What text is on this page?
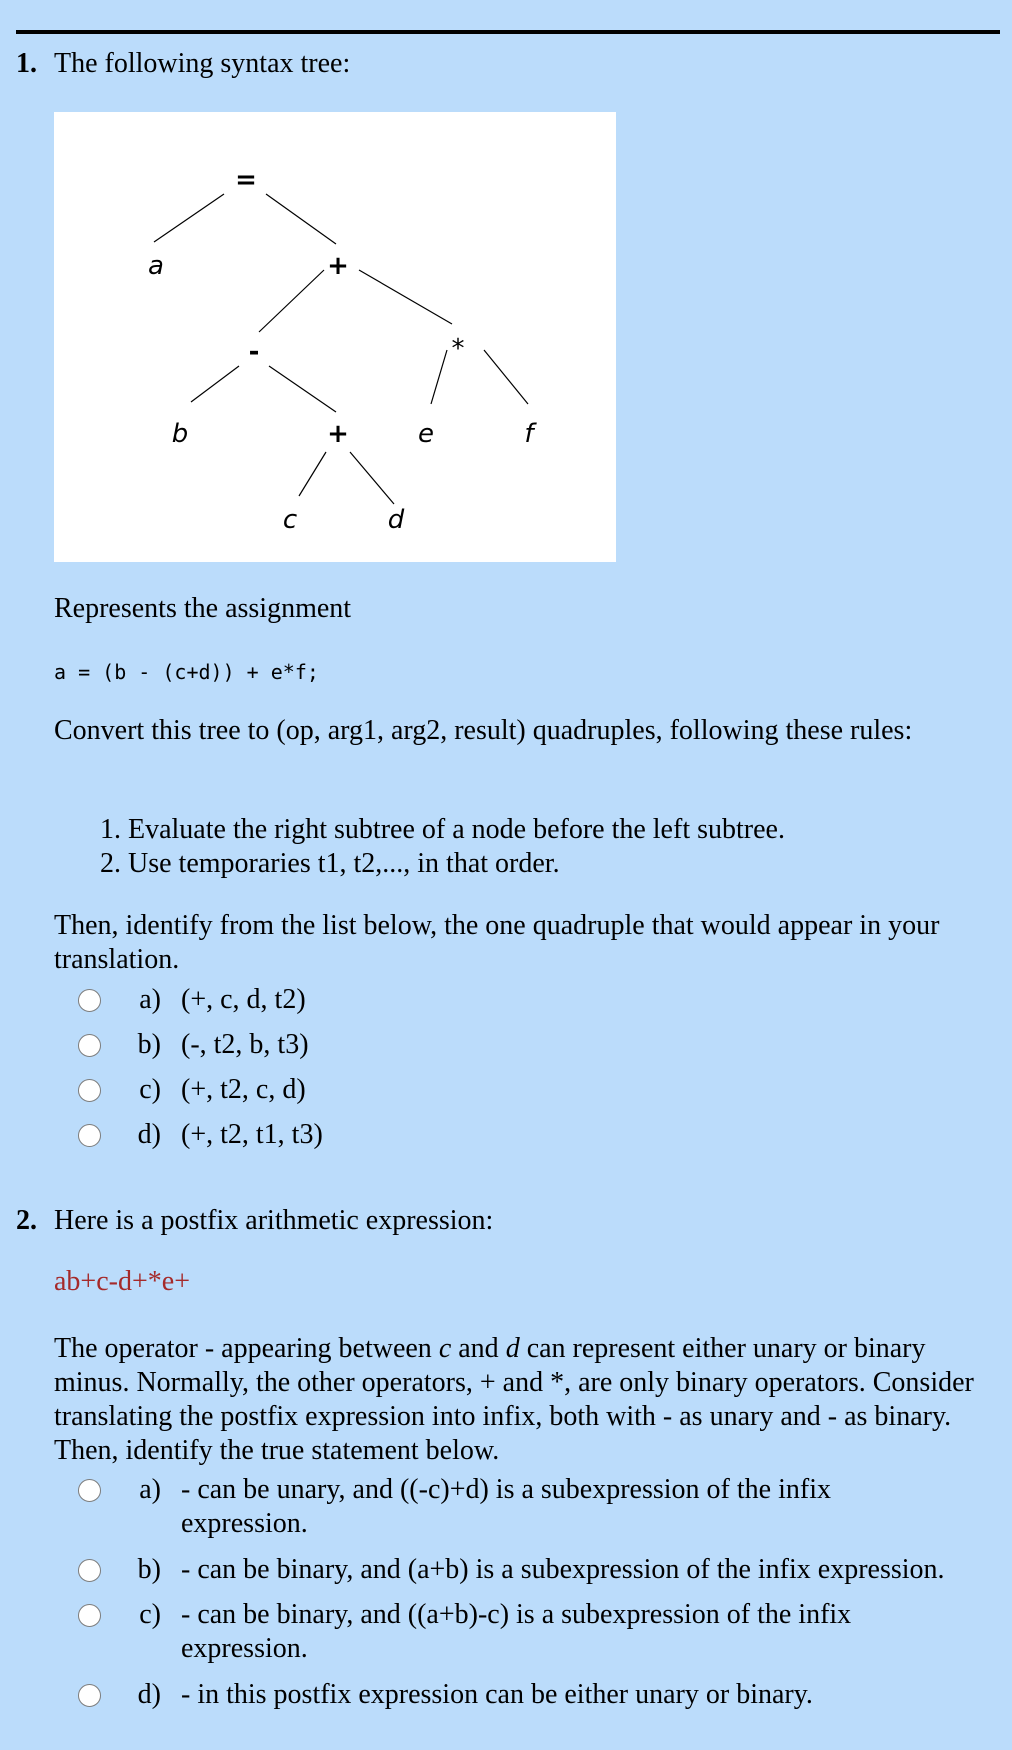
1. The following syntax tree:
=
a	+
-	*
b	+	e	f
c	d
Represents the assignment
a = (b - (c+d)) + e*f;
Convert this tree to (op, arg1, arg2, result) quadruples, following these rules:
1. Evaluate the right subtree of a node before the left subtree.
2. Use temporaries t1, t2,..., in that order.
Then, identify from the list below, the one quadruple that would appear in your translation.
a) (+, c, d, t2)
b) (-, t2, b, t3)
c) (+, t2, c, d)
d) (+, t2, t1, t3)
2. Here is a postfix arithmetic expression:
ab+c-d+*e+
The operator - appearing between c and d can represent either unary or binary minus. Normally, the other operators, + and *, are only binary operators. Consider translating the postfix expression into infix, both with - as unary and - as binary. Then, identify the true statement below.
a) - can be unary, and ((-c)+d) is a subexpression of the infix expression.
b) - can be binary, and (a+b) is a subexpression of the infix expression.
c) - can be binary, and ((a+b)-c) is a subexpression of the infix expression.
d) - in this postfix expression can be either unary or binary.
